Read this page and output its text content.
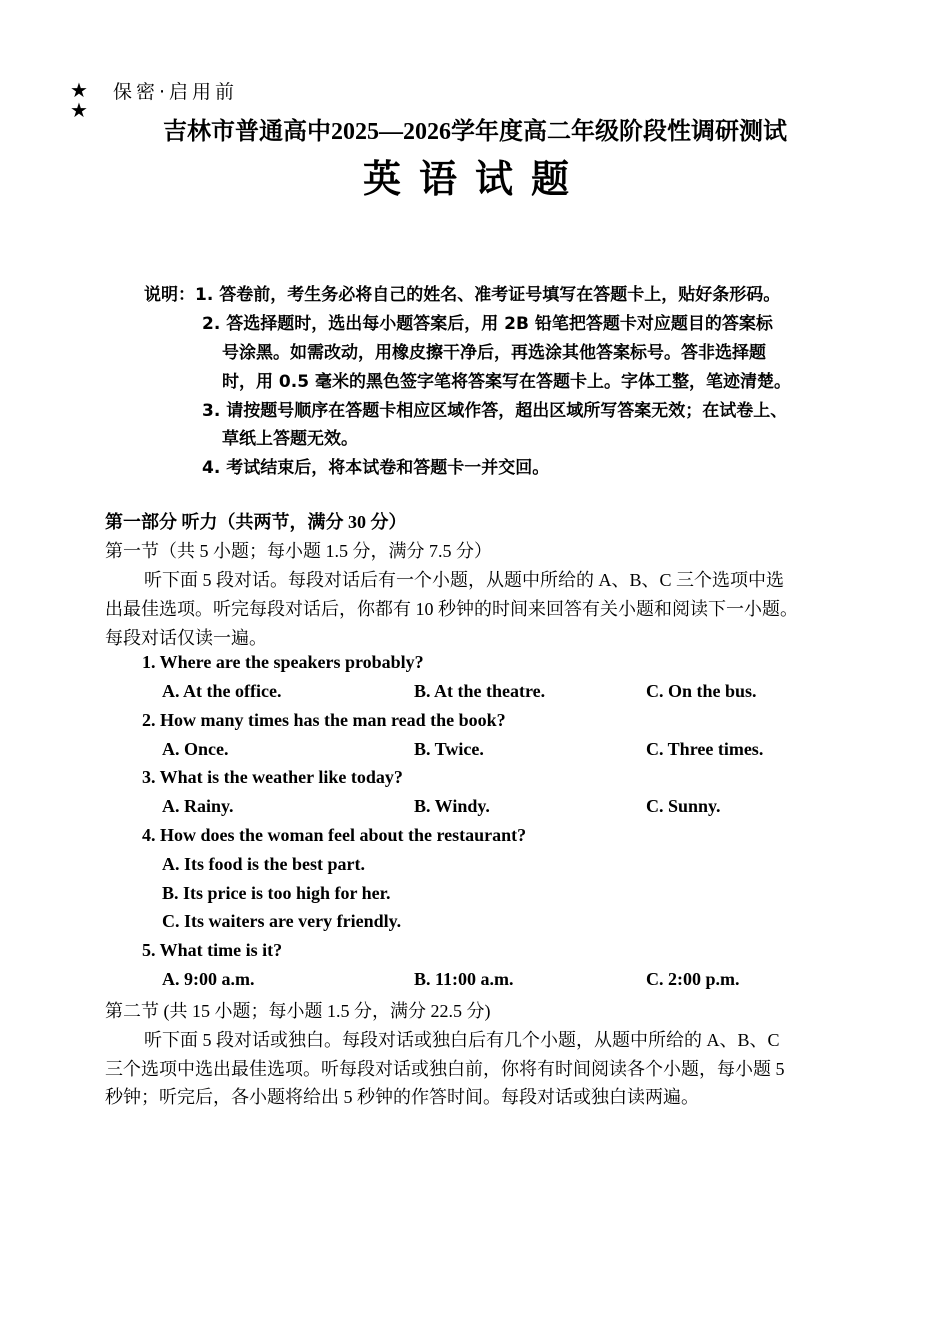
★
★
保密·启用前
吉林市普通高中2025—2026学年度高二年级阶段性调研测试
英语试题
说明：1. 答卷前，考生务必将自己的姓名、准考证号填写在答题卡上，贴好条形码。
2. 答选择题时，选出每小题答案后，用 2B 铅笔把答题卡对应题目的答案标
号涂黑。如需改动，用橡皮擦干净后，再选涂其他答案标号。答非选择题
时，用 0.5 毫米的黑色签字笔将答案写在答题卡上。字体工整，笔迹清楚。
3. 请按题号顺序在答题卡相应区域作答，超出区域所写答案无效；在试卷上、
草纸上答题无效。
4. 考试结束后，将本试卷和答题卡一并交回。
第一部分 听力（共两节，满分 30 分）
第一节（共 5 小题；每小题 1.5 分，满分 7.5 分）
听下面 5 段对话。每段对话后有一个小题，从题中所给的 A、B、C 三个选项中选
出最佳选项。听完每段对话后，你都有 10 秒钟的时间来回答有关小题和阅读下一小题。
每段对话仅读一遍。
1. Where are the speakers probably?
A. At the office.	B. At the theatre.	C. On the bus.
2. How many times has the man read the book?
A. Once.	B. Twice.	C. Three times.
3. What is the weather like today?
A. Rainy.	B. Windy.	C. Sunny.
4. How does the woman feel about the restaurant?
A. Its food is the best part.
B. Its price is too high for her.
C. Its waiters are very friendly.
5. What time is it?
A. 9:00 a.m.	B. 11:00 a.m.	C. 2:00 p.m.
第二节 (共 15 小题；每小题 1.5 分，满分 22.5 分)
听下面 5 段对话或独白。每段对话或独白后有几个小题，从题中所给的 A、B、C
三个选项中选出最佳选项。听每段对话或独白前，你将有时间阅读各个小题，每小题 5
秒钟；听完后，各小题将给出 5 秒钟的作答时间。每段对话或独白读两遍。
